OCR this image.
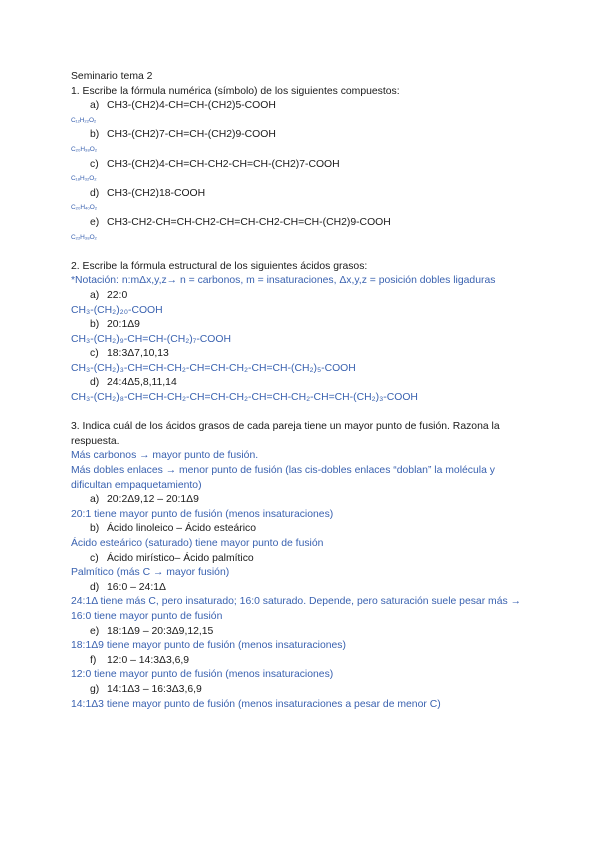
Seminario tema 2
1. Escribe la fórmula numérica (símbolo) de los siguientes compuestos:
a) CH3-(CH2)4-CH=CH-(CH2)5-COOH
C₁₂H₂₂O₂
b) CH3-(CH2)7-CH=CH-(CH2)9-COOH
C₂₀H₃₈O₂
c) CH3-(CH2)4-CH=CH-CH2-CH=CH-(CH2)7-COOH
C₁₈H₃₂O₂
d) CH3-(CH2)18-COOH
C₂₀H₄₀O₂
e) CH3-CH2-CH=CH-CH2-CH=CH-CH2-CH=CH-(CH2)9-COOH
C₂₂H₃₈O₂
2. Escribe la fórmula estructural de los siguientes ácidos grasos:
*Notación: n:mΔx,y,z→ n = carbonos, m = insaturaciones, Δx,y,z = posición dobles ligaduras
a) 22:0
CH₃-(CH₂)₂₀-COOH
b) 20:1Δ9
CH₃-(CH₂)₉-CH=CH-(CH₂)₇-COOH
c) 18:3Δ7,10,13
CH₃-(CH₂)₃-CH=CH-CH₂-CH=CH-CH₂-CH=CH-(CH₂)₅-COOH
d) 24:4Δ5,8,11,14
CH₃-(CH₂)₈-CH=CH-CH₂-CH=CH-CH₂-CH=CH-CH₂-CH=CH-(CH₂)₃-COOH
3. Indica cuál de los ácidos grasos de cada pareja tiene un mayor punto de fusión. Razona la respuesta.
Más carbonos → mayor punto de fusión.
Más dobles enlaces → menor punto de fusión (las cis-dobles enlaces “doblan” la molécula y dificultan empaquetamiento)
a) 20:2Δ9,12 – 20:1Δ9
20:1 tiene mayor punto de fusión (menos insaturaciones)
b) Ácido linoleico – Ácido esteárico
Ácido esteárico (saturado) tiene mayor punto de fusión
c) Ácido mirístico– Ácido palmítico
Palmítico (más C → mayor fusión)
d) 16:0 – 24:1Δ
24:1Δ tiene más C, pero insaturado; 16:0 saturado. Depende, pero saturación suele pesar más → 16:0 tiene mayor punto de fusión
e) 18:1Δ9 – 20:3Δ9,12,15
18:1Δ9 tiene mayor punto de fusión (menos insaturaciones)
f) 12:0 – 14:3Δ3,6,9
12:0 tiene mayor punto de fusión (menos insaturaciones)
g) 14:1Δ3 – 16:3Δ3,6,9
14:1Δ3 tiene mayor punto de fusión (menos insaturaciones a pesar de menor C)
